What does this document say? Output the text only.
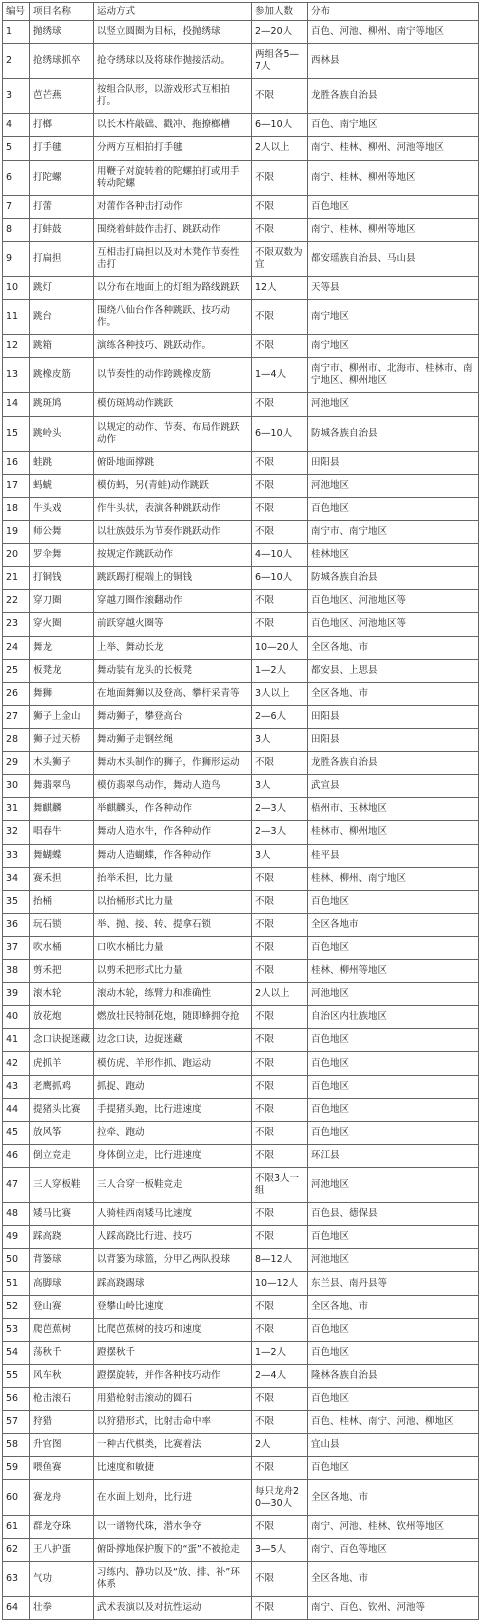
编号	项目名称	运动方式	参加人数	分布
1	抛绣球	以竖立圆圈为目标，投抛绣球	2—20人	百色、河池、柳州、南宁等地区
2	抢绣球抓卒	抢夺绣球以及将球作抛接活动。	两组各5—7人	西林县
3	芭芒燕	按组合队形，以游戏形式互相拍打。	不限	龙胜各族自治县
4	打榔	以长木杵敲础、戳冲、拖撩榔槽	6—10人	百色、南宁地区
5	打手毽	分两方互相拍打手毽	2人以上	南宁、桂林、柳州、河池等地区
6	打陀螺	用鞭子对旋转着的陀螺拍打或用手转动陀螺	不限	南宁、桂林、柳州等地区
7	打蕾	对蕾作各种击打动作	不限	百色地区
8	打蚌鼓	围绕着蚌鼓作击打、跳跃动作	不限	南宁、桂林、柳州等地区
9	打扁担	互相击打扁担以及对木凳作节奏性击打	不限双数为宜	都安瑶族自治县、马山县
10	跳灯	以分布在地面上的灯组为路线跳跃	12人	天等县
11	跳台	围绕八仙台作各种跳跃、技巧动作。	不限	南宁地区
12	跳箱	演练各种技巧、跳跃动作。	不限	南宁地区
13	跳橡皮筋	以节奏性的动作跨跳橡皮筋	1—4人	南宁市、柳州市、北海市、桂林市、南宁地区、柳州地区
14	跳斑鸠	模仿斑鸠动作跳跃	不限	河池地区
15	跳岭头	以规定的动作、节奏、布局作跳跃动作	6—10人	防城各族自治县
16	蛙跳	俯卧地面撑跳	不限	田阳县
17	蚂䗂	模仿蚂，另(青蛙)动作跳跃	不限	河池地区
18	牛头戏	作牛头状，表演各种跳跃动作	不限	百色地区
19	师公舞	以壮族鼓乐为节奏作跳跃动作	不限	南宁市、南宁地区
20	罗伞舞	按规定作跳跃动作	4—10人	桂林地区
21	打铜钱	跳跃踢打棍端上的铜钱	6—10人	防城各族自治县
22	穿刀圈	穿越刀圈作滚翻动作	不限	百色地区、河池地区等
23	穿火圈	前跃穿越火圈等	不限	百色地区、河池地区等
24	舞龙	上举、舞动长龙	10—20人	全区各地、市
25	板凳龙	舞动装有龙头的长板凳	1—2人	都安县、上思县
26	舞狮	在地面舞狮以及登高、攀杆采青等	3人以上	全区各地、市
27	狮子上金山	舞动狮子，攀登高台	2—6人	田阳县
28	狮子过天桥	舞动狮子走钢丝绳	3人	田阳县
29	木头狮子	舞动木头制作的狮子，作狮形运动	不限	龙胜各族自治县
30	舞翡翠鸟	模仿翡翠鸟动作，舞动人造鸟	3人	武宣县
31	舞麒麟	举麒麟头，作各种动作	2—3人	梧州市、玉林地区
32	唱春牛	舞动人造水牛，作各种动作	2—3人	桂林市、柳州地区
33	舞蝴蝶	舞动人造蝴蝶，作各种动作	3人	桂平县
34	赛禾担	抬举禾担，比力量	不限	桂林、柳州、南宁地区
35	抬桶	以抬桶形式比力量	不限	百色地区
36	玩石锁	举、抛、接、转、提拿石锁	不限	全区各地市
37	吹水桶	口吹水桶比力量	不限	百色地区
38	剪禾把	以剪禾把形式比力量	不限	桂林、柳州等地区
39	滚木轮	滚动木轮，练臂力和准确性	2人以上	河池地区
40	放花炮	燃放壮民特制花炮，随即蜂拥夺抢	不限	自治区内壮族地区
41	念口诀捉迷藏	边念口诀，边捉迷藏	不限	百色地区
42	虎抓羊	模仿虎、羊形作抓、跑运动	不限	百色地区
43	老鹰抓鸡	抓捉、跑动	不限	百色地区
44	提猪头比赛	手提猪头跑，比行进速度	不限	百色地区
45	放风筝	拉牵、跑动	不限	百色地区
46	倒立竞走	身体倒立走，比行进速度	不限	环江县
47	三人穿板鞋	三人合穿一板鞋竞走	不限3人一组	河池地区
48	矮马比赛	人骑桂西南矮马比速度	不限	百色县、德保县
49	踩高跷	人踩高跷比行进、技巧	不限	百色地区
50	背篓球	以背篓为球篮，分甲乙两队投球	8—12人	河池地区
51	高脚球	踩高跷踢球	10—12人	东兰县、南丹县等
52	登山赛	登攀山岭比速度	不限	全区各地、市
53	爬芭蕉树	比爬芭蕉树的技巧和速度	不限	百色地区
54	荡秋千	蹬摆秋千	1—2人	百色地区
55	风车秋	蹬摆旋转，并作各种技巧动作	2—4人	隆林各族自治县
56	枪击滚石	用猎枪射击滚动的圆石	不限	百色地区
57	狩猎	以狩猎形式，比射击命中率	不限	百色、桂林、南宁、河池、柳地区
58	升官图	一种古代棋类，比赛着法	2人	宜山县
59	喂鱼赛	比速度和敏捷	不限	百色地区
60	赛龙舟	在水面上划舟，比行进	每只龙舟20—30人	全区各地、市
61	群龙夺珠	以一谱物代珠，潜水争夺	不限	南宁、河池、桂林、钦州等地区
62	王八护蛋	俯卧撑地保护腹下的“蛋”不被抢走	3—5人	南宁、百色等地区
63	气功	习练内、静功以及“放、排、补”环体系	不限	全区各地、市
64	壮拳	武术表演以及对抗性运动	不限	南宁、百色、钦州、河池等
